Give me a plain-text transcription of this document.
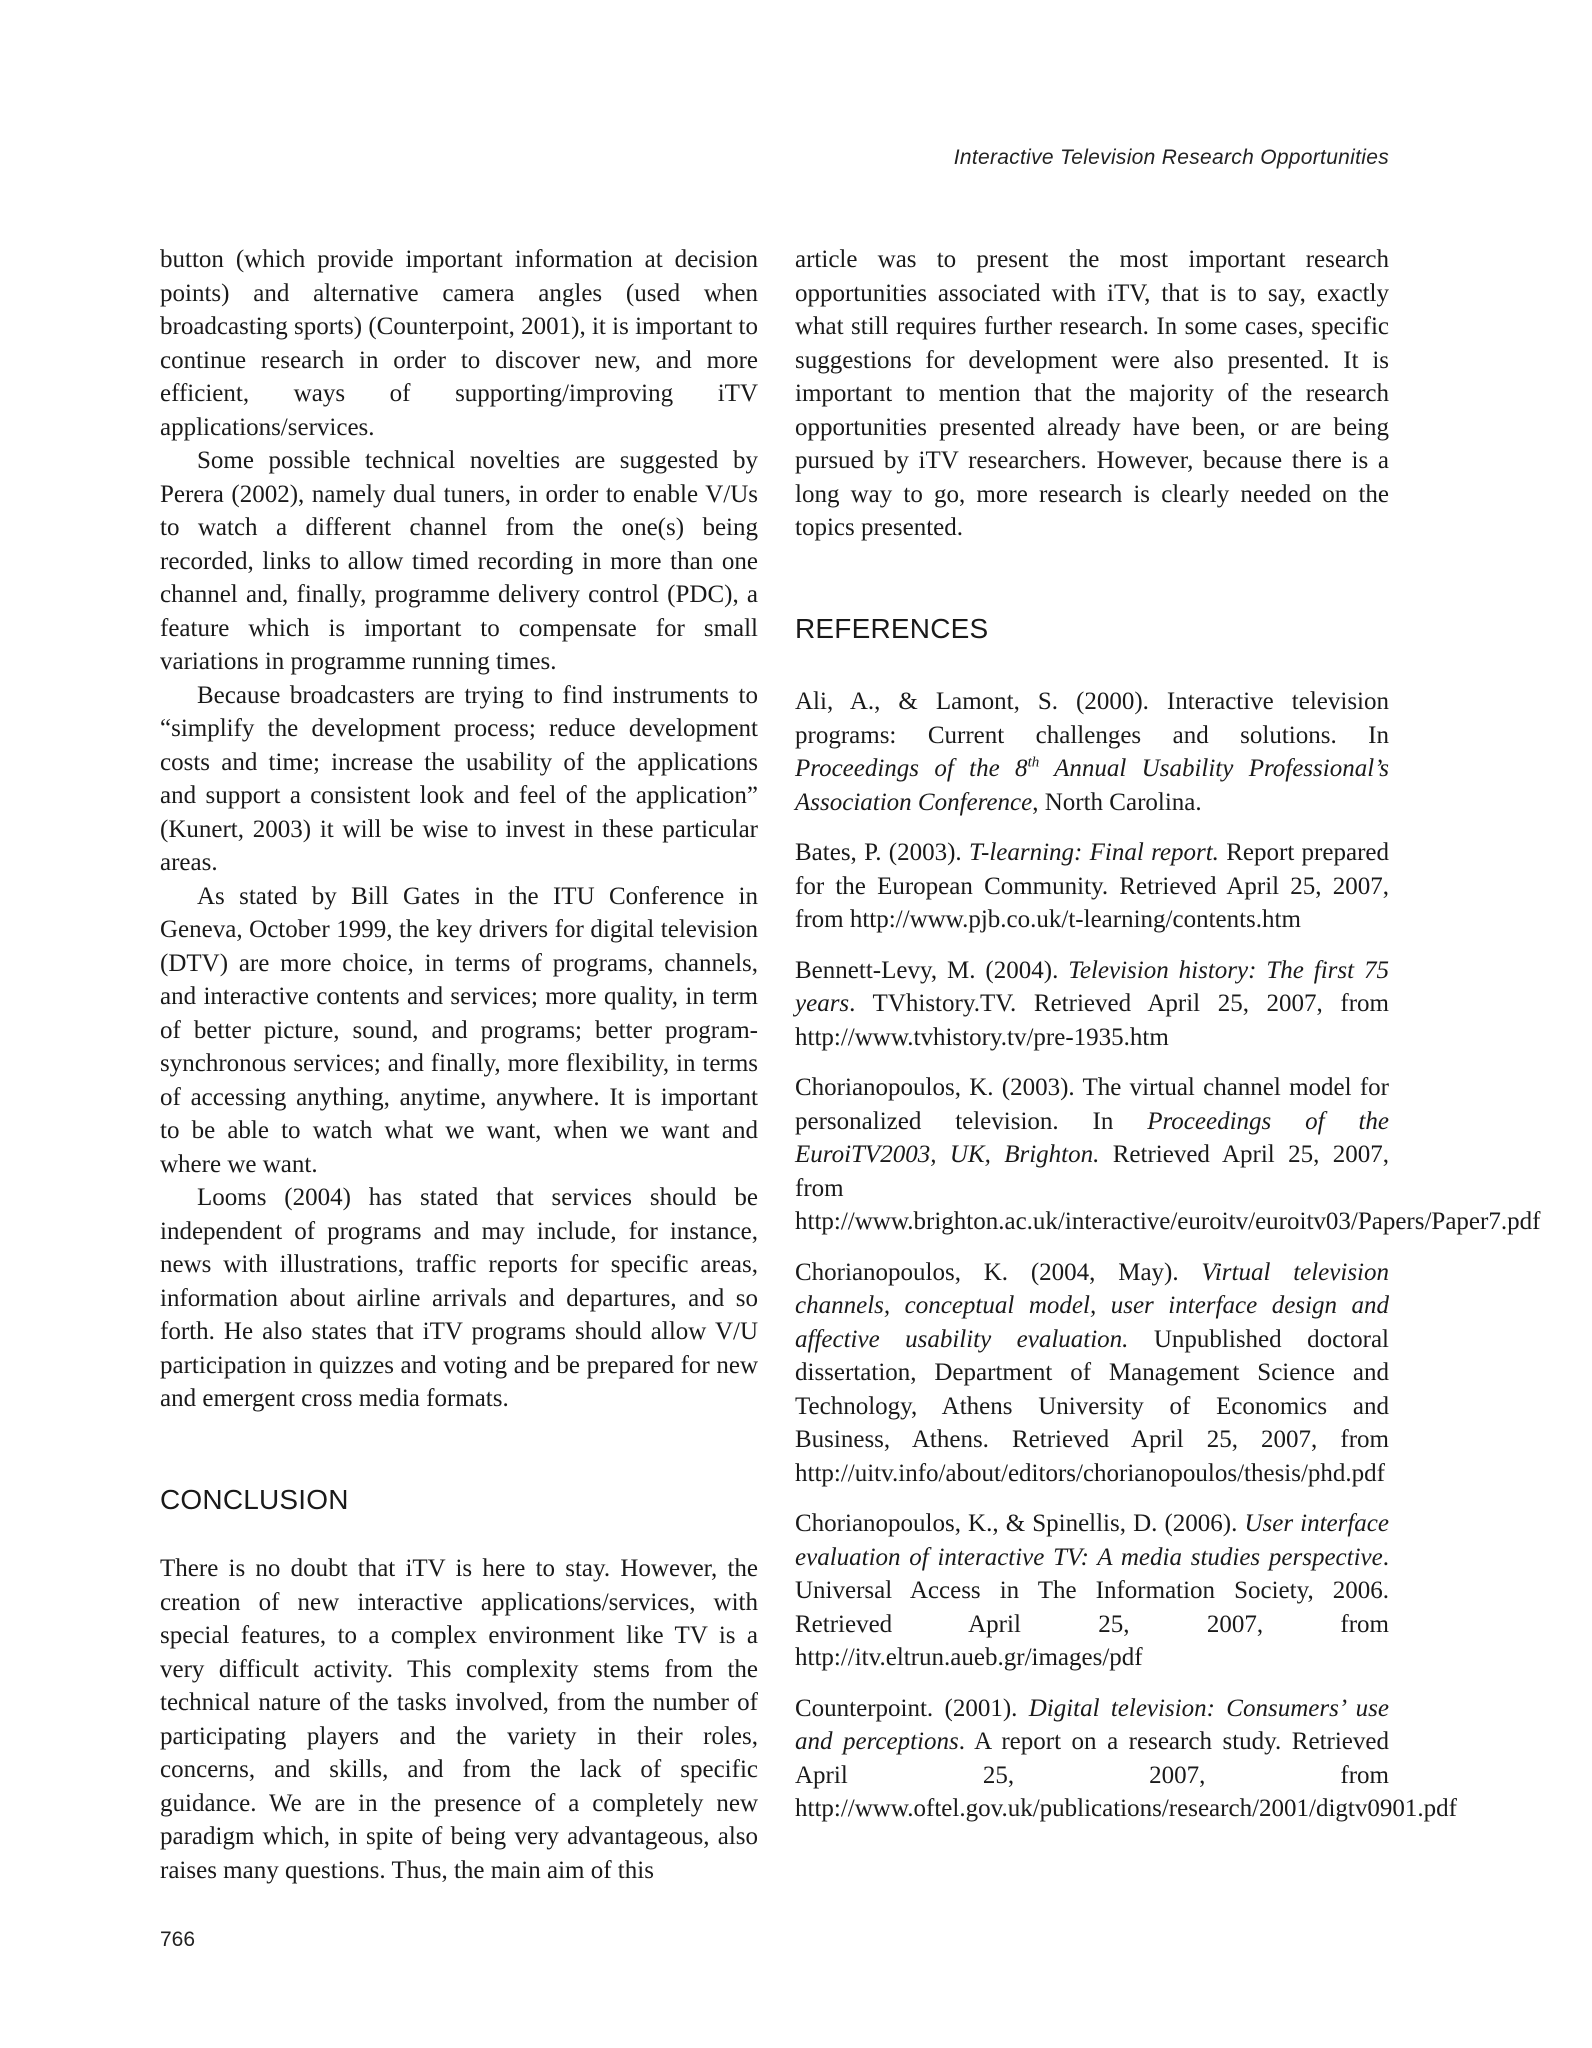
Interactive Television Research Opportunities

button (which provide important information at decision points) and alternative camera angles (used when broadcasting sports) (Counterpoint, 2001), it is important to continue research in order to discover new, and more efficient, ways of supporting/improving iTV applications/services.

Some possible technical novelties are suggested by Perera (2002), namely dual tuners, in order to enable V/Us to watch a different channel from the one(s) being recorded, links to allow timed recording in more than one channel and, finally, programme delivery control (PDC), a feature which is important to compensate for small variations in programme running times.

Because broadcasters are trying to find instruments to “simplify the development process; reduce development costs and time; increase the usability of the applications and support a consistent look and feel of the application” (Kunert, 2003) it will be wise to invest in these particular areas.

As stated by Bill Gates in the ITU Conference in Geneva, October 1999, the key drivers for digital television (DTV) are more choice, in terms of programs, channels, and interactive contents and services; more quality, in term of better picture, sound, and programs; better program-synchronous services; and finally, more flexibility, in terms of accessing anything, anytime, anywhere. It is important to be able to watch what we want, when we want and where we want.

Looms (2004) has stated that services should be independent of programs and may include, for instance, news with illustrations, traffic reports for specific areas, information about airline arrivals and departures, and so forth. He also states that iTV programs should allow V/U participation in quizzes and voting and be prepared for new and emergent cross media formats.

CONCLUSION

There is no doubt that iTV is here to stay. However, the creation of new interactive applications/services, with special features, to a complex environment like TV is a very difficult activity. This complexity stems from the technical nature of the tasks involved, from the number of participating players and the variety in their roles, concerns, and skills, and from the lack of specific guidance. We are in the presence of a completely new paradigm which, in spite of being very advantageous, also raises many questions. Thus, the main aim of this

article was to present the most important research opportunities associated with iTV, that is to say, exactly what still requires further research. In some cases, specific suggestions for development were also presented. It is important to mention that the majority of the research opportunities presented already have been, or are being pursued by iTV researchers. However, because there is a long way to go, more research is clearly needed on the topics presented.

REFERENCES

Ali, A., & Lamont, S. (2000). Interactive television programs: Current challenges and solutions. In Proceedings of the 8th Annual Usability Professional’s Association Conference, North Carolina.

Bates, P. (2003). T-learning: Final report. Report prepared for the European Community. Retrieved April 25, 2007, from http://www.pjb.co.uk/t-learning/contents.htm

Bennett-Levy, M. (2004). Television history: The first 75 years. TVhistory.TV. Retrieved April 25, 2007, from http://www.tvhistory.tv/pre-1935.htm

Chorianopoulos, K. (2003). The virtual channel model for personalized television. In Proceedings of the EuroiTV2003, UK, Brighton. Retrieved April 25, 2007, from http://www.brighton.ac.uk/interactive/euroitv/euroitv03/Papers/Paper7.pdf

Chorianopoulos, K. (2004, May). Virtual television channels, conceptual model, user interface design and affective usability evaluation. Unpublished doctoral dissertation, Department of Management Science and Technology, Athens University of Economics and Business, Athens. Retrieved April 25, 2007, from http://uitv.info/about/editors/chorianopoulos/thesis/phd.pdf

Chorianopoulos, K., & Spinellis, D. (2006). User interface evaluation of interactive TV: A media studies perspective. Universal Access in The Information Society, 2006. Retrieved April 25, 2007, from http://itv.eltrun.aueb.gr/images/pdf

Counterpoint. (2001). Digital television: Consumers’ use and perceptions. A report on a research study. Retrieved April 25, 2007, from http://www.oftel.gov.uk/publications/research/2001/digtv0901.pdf

766
